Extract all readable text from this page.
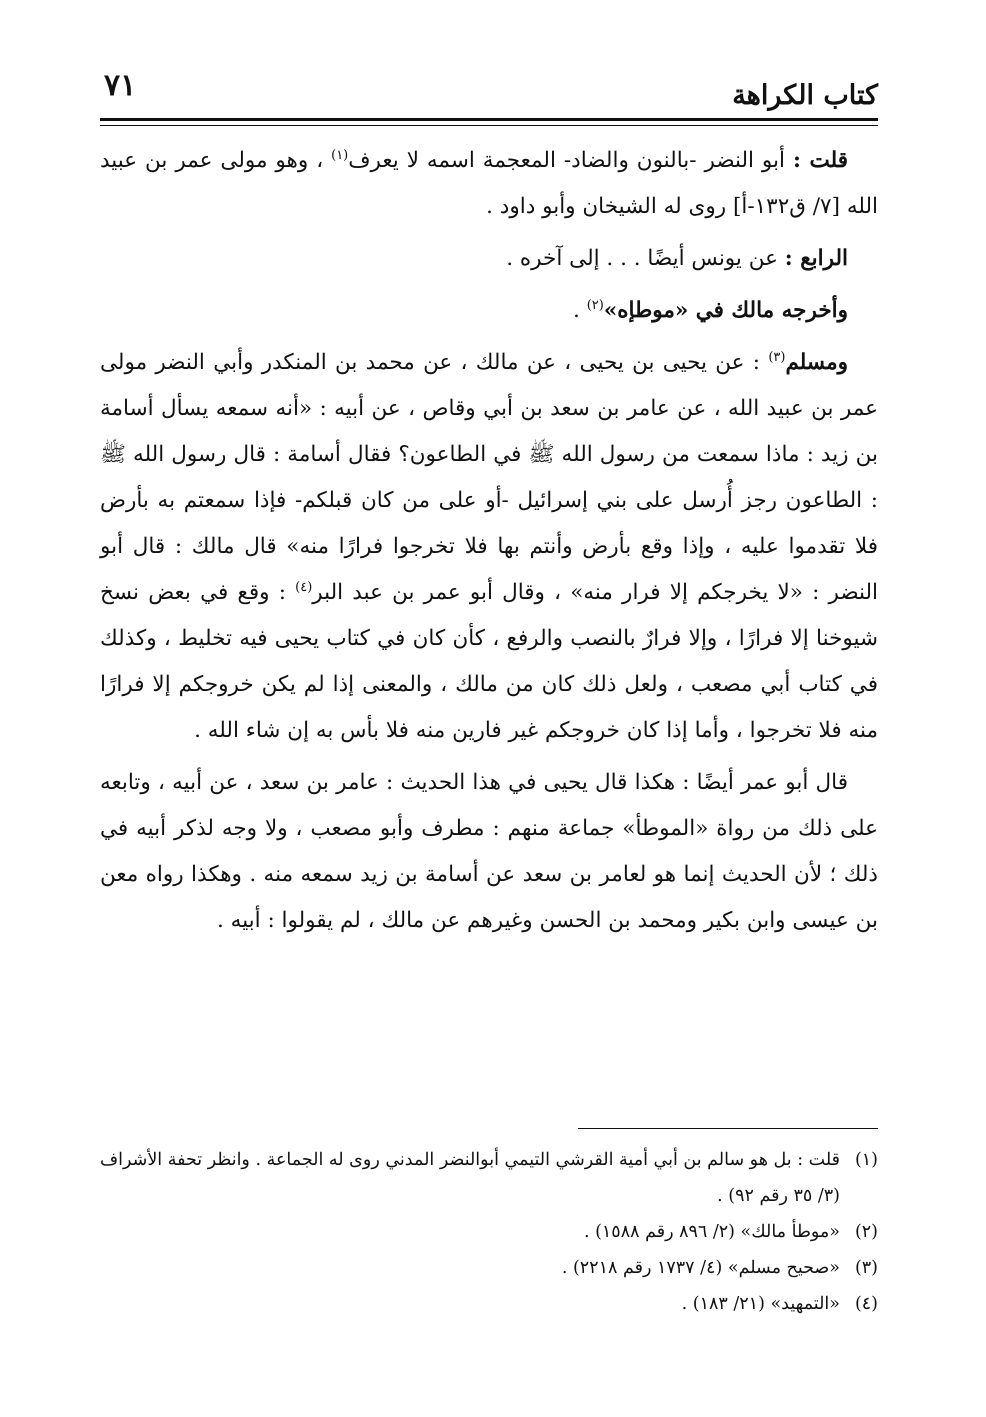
٧١	كتاب الكراهة

قلت : أبو النضر -بالنون والضاد- المعجمة اسمه لا يعرف$^{(١)}$ ، وهو مولى عمر بن عبيد الله [٧/ ق١٣٢-أ] روى له الشيخان وأبو داود .

الرابع : عن يونس أيضًا . . . إلى آخره .

وأخرجه مالك في «موطإه»$^{(٢)}$ .

ومسلم$^{(٣)}$ : عن يحيى بن يحيى ، عن مالك ، عن محمد بن المنكدر وأبي النضر مولى عمر بن عبيد الله ، عن عامر بن سعد بن أبي وقاص ، عن أبيه : «أنه سمعه يسأل أسامة بن زيد : ماذا سمعت من رسول الله ﷺ في الطاعون؟ فقال أسامة : قال رسول الله ﷺ : الطاعون رجز أُرسل على بني إسرائيل -أو على من كان قبلكم- فإذا سمعتم به بأرض فلا تقدموا عليه ، وإذا وقع بأرض وأنتم بها فلا تخرجوا فرارًا منه» قال مالك : قال أبو النضر : «لا يخرجكم إلا فرار منه» ، وقال أبو عمر بن عبد البر$^{(٤)}$ : وقع في بعض نسخ شيوخنا إلا فرارًا ، وإلا فرارٌ بالنصب والرفع ، كأن كان في كتاب يحيى فيه تخليط ، وكذلك في كتاب أبي مصعب ، ولعل ذلك كان من مالك ، والمعنى إذا لم يكن خروجكم إلا فرارًا منه فلا تخرجوا ، وأما إذا كان خروجكم غير فارين منه فلا بأس به إن شاء الله .

قال أبو عمر أيضًا : هكذا قال يحيى في هذا الحديث : عامر بن سعد ، عن أبيه ، وتابعه على ذلك من رواة «الموطأ» جماعة منهم : مطرف وأبو مصعب ، ولا وجه لذكر أبيه في ذلك ؛ لأن الحديث إنما هو لعامر بن سعد عن أسامة بن زيد سمعه منه . وهكذا رواه معن بن عيسى وابن بكير ومحمد بن الحسن وغيرهم عن مالك ، لم يقولوا : أبيه .

(١)
قلت : بل هو سالم بن أبي أمية القرشي التيمي أبوالنضر المدني روى له الجماعة . وانظر تحفة الأشراف (٣/ ٣٥ رقم ٩٢) .

(٢)
«موطأ مالك» (٢/ ٨٩٦ رقم ١٥٨٨) .

(٣)
«صحيح مسلم» (٤/ ١٧٣٧ رقم ٢٢١٨) .

(٤)
«التمهيد» (٢١/ ١٨٣) .
